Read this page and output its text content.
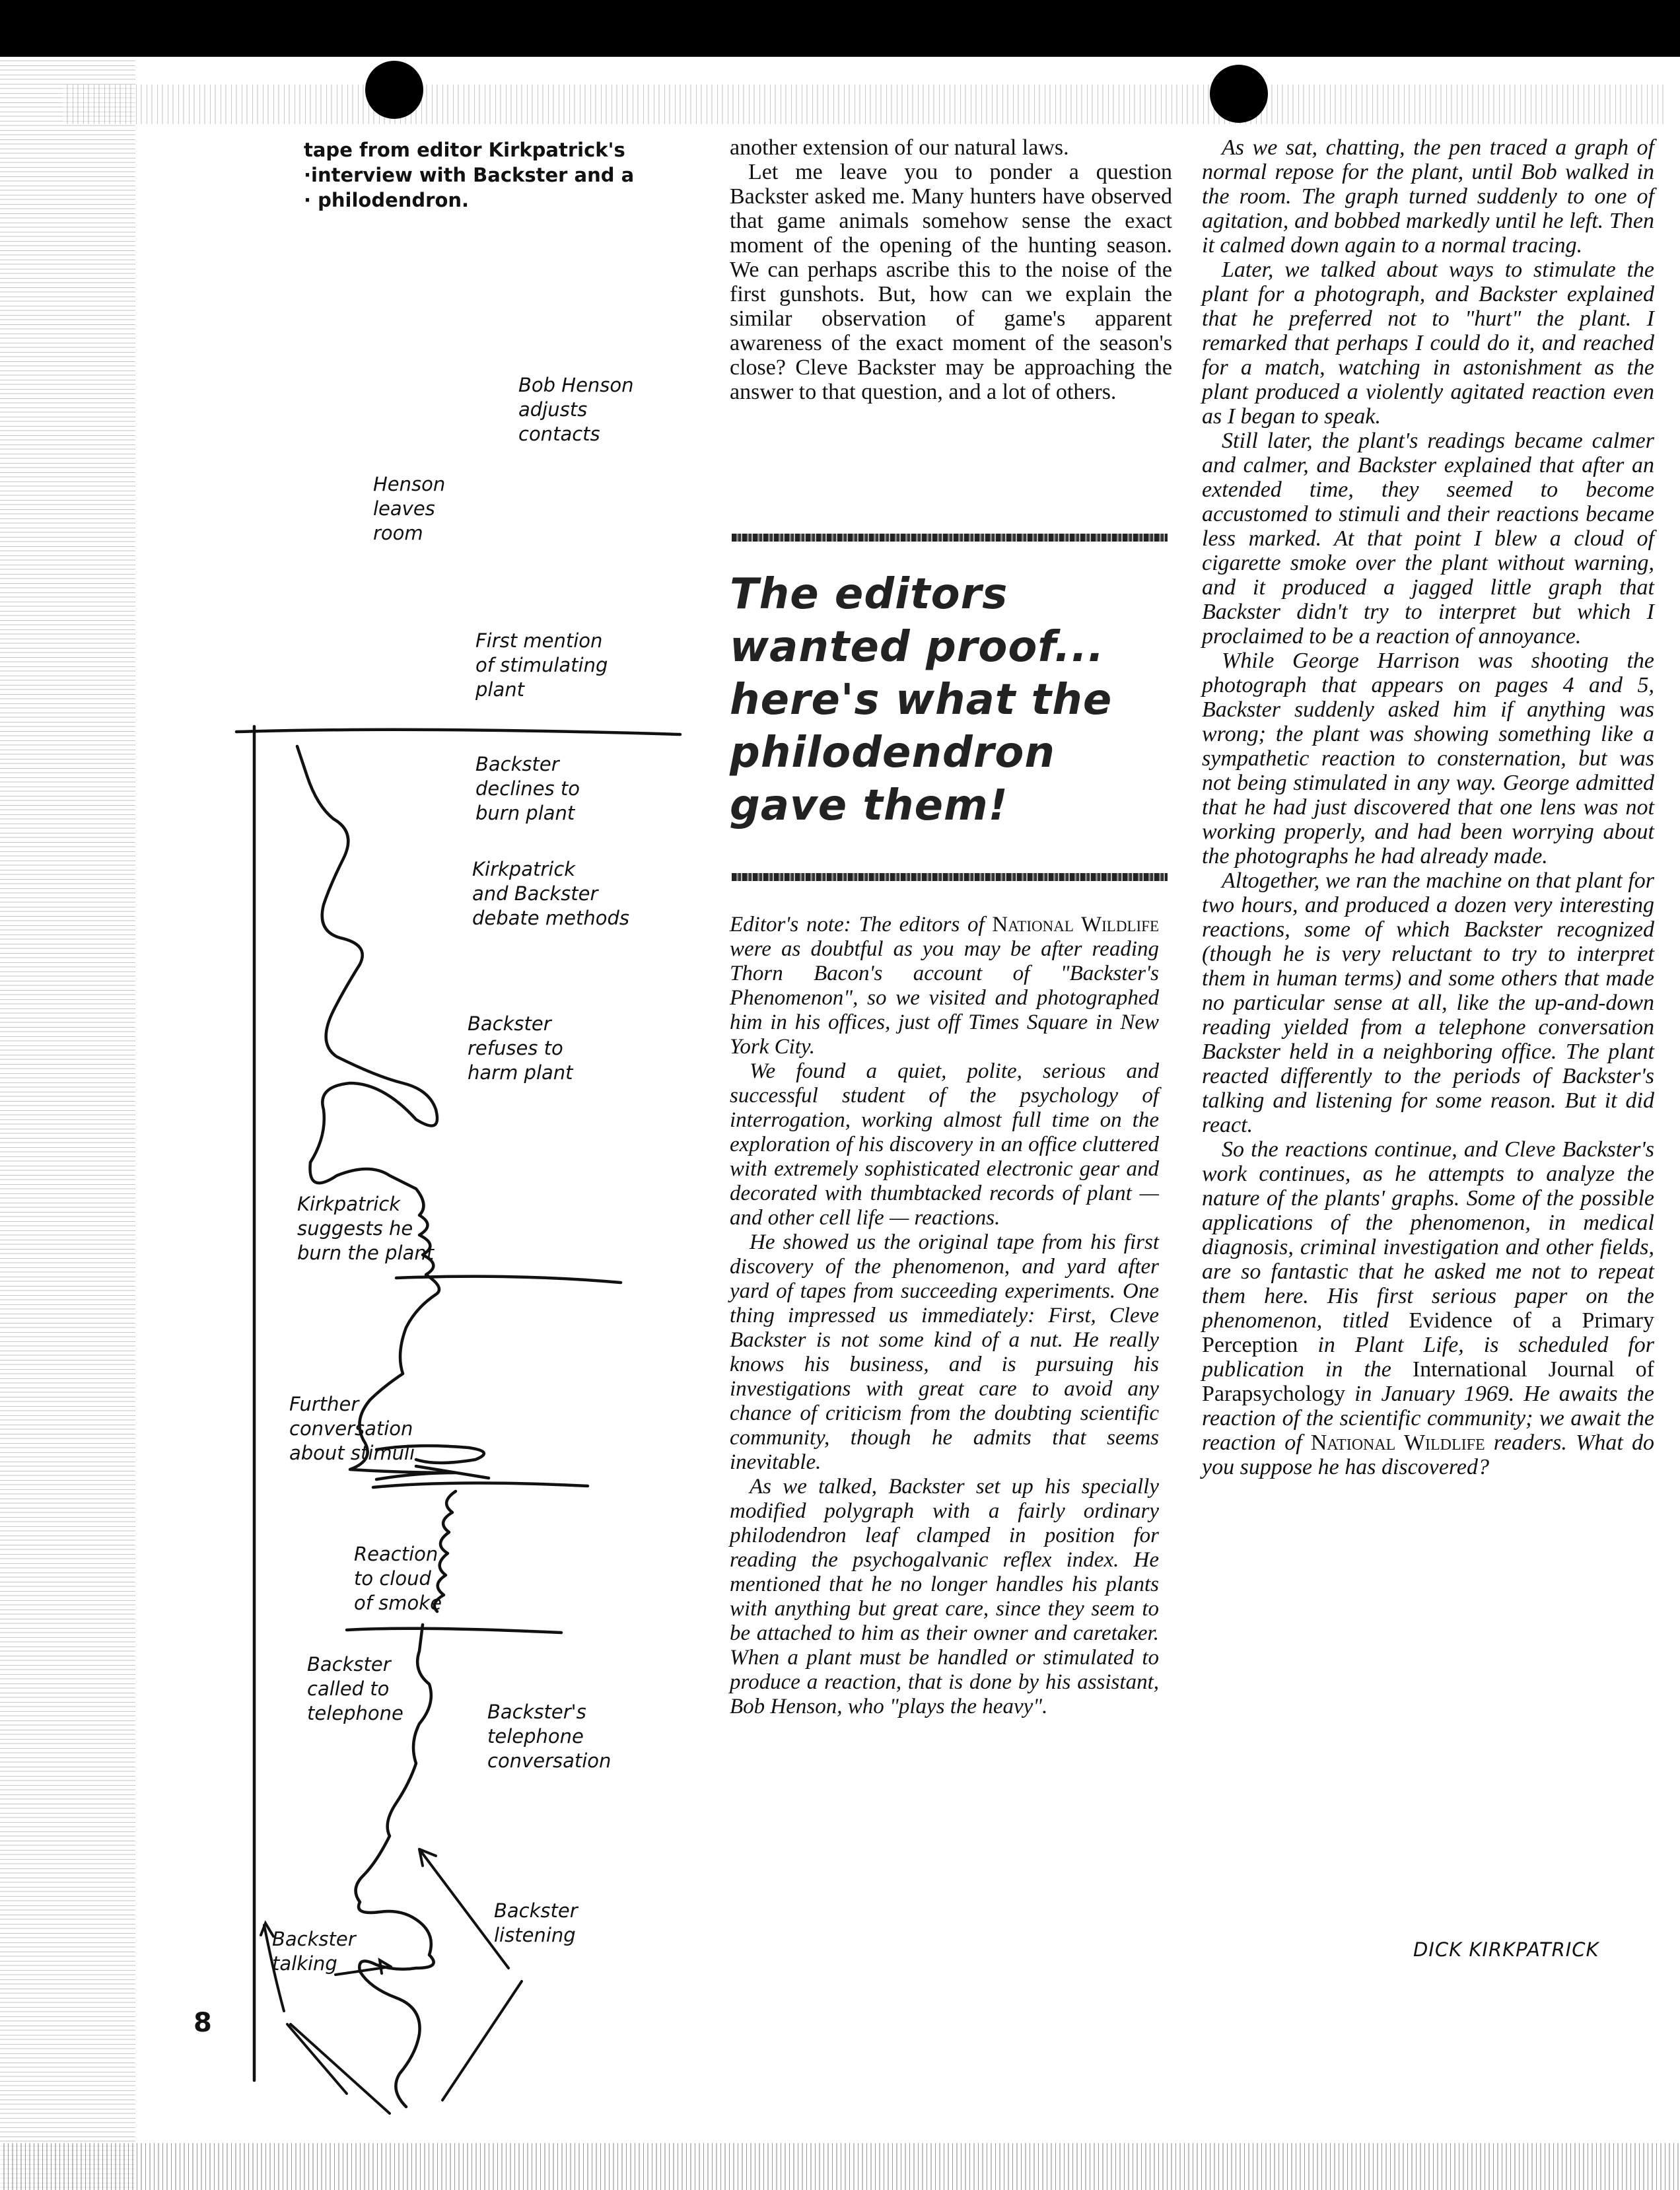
tape from editor Kirkpatrick's
·interview with Backster and a
· philodendron.
Bob Henson
adjusts
contacts
Henson
leaves
room
First mention
of stimulating
plant
Backster
declines to
burn plant
Kirkpatrick
and Backster
debate methods
Backster
refuses to
harm plant
Kirkpatrick
suggests he
burn the plant
Further
conversation
about stimuli
Reaction
to cloud
of smoke
Backster
called to
telephone	Backster's
telephone
conversation
Backster
listening
Backster
talking
8

another extension of our natural laws.

Let me leave you to ponder a question Backster asked me. Many hunters have observed that game animals somehow sense the exact moment of the opening of the hunting season. We can perhaps ascribe this to the noise of the first gunshots. But, how can we explain the similar observation of game's apparent awareness of the exact moment of the season's close? Cleve Backster may be approaching the answer to that question, and a lot of others.

The editors wanted proof... here's what the philodendron gave them!

Editor's note: The editors of National Wildlife were as doubtful as you may be after reading Thorn Bacon's account of "Backster's Phenomenon", so we visited and photographed him in his offices, just off Times Square in New York City.

We found a quiet, polite, serious and successful student of the psychology of interrogation, working almost full time on the exploration of his discovery in an office cluttered with extremely sophisticated electronic gear and decorated with thumbtacked records of plant — and other cell life — reactions.

He showed us the original tape from his first discovery of the phenomenon, and yard after yard of tapes from succeeding experiments. One thing impressed us immediately: First, Cleve Backster is not some kind of a nut. He really knows his business, and is pursuing his investigations with great care to avoid any chance of criticism from the doubting scientific community, though he admits that seems inevitable.

As we talked, Backster set up his specially modified polygraph with a fairly ordinary philodendron leaf clamped in position for reading the psychogalvanic reflex index. He mentioned that he no longer handles his plants with anything but great care, since they seem to be attached to him as their owner and caretaker. When a plant must be handled or stimulated to produce a reaction, that is done by his assistant, Bob Henson, who "plays the heavy".

As we sat, chatting, the pen traced a graph of normal repose for the plant, until Bob walked in the room. The graph turned suddenly to one of agitation, and bobbed markedly until he left. Then it calmed down again to a normal tracing.

Later, we talked about ways to stimulate the plant for a photograph, and Backster explained that he preferred not to "hurt" the plant. I remarked that perhaps I could do it, and reached for a match, watching in astonishment as the plant produced a violently agitated reaction even as I began to speak.

Still later, the plant's readings became calmer and calmer, and Backster explained that after an extended time, they seemed to become accustomed to stimuli and their reactions became less marked. At that point I blew a cloud of cigarette smoke over the plant without warning, and it produced a jagged little graph that Backster didn't try to interpret but which I proclaimed to be a reaction of annoyance.

While George Harrison was shooting the photograph that appears on pages 4 and 5, Backster suddenly asked him if anything was wrong; the plant was showing something like a sympathetic reaction to consternation, but was not being stimulated in any way. George admitted that he had just discovered that one lens was not working properly, and had been worrying about the photographs he had already made.

Altogether, we ran the machine on that plant for two hours, and produced a dozen very interesting reactions, some of which Backster recognized (though he is very reluctant to try to interpret them in human terms) and some others that made no particular sense at all, like the up-and-down reading yielded from a telephone conversation Backster held in a neighboring office. The plant reacted differently to the periods of Backster's talking and listening for some reason. But it did react.

So the reactions continue, and Cleve Backster's work continues, as he attempts to analyze the nature of the plants' graphs. Some of the possible applications of the phenomenon, in medical diagnosis, criminal investigation and other fields, are so fantastic that he asked me not to repeat them here. His first serious paper on the phenomenon, titled Evidence of a Primary Perception in Plant Life, is scheduled for publication in the International Journal of Parapsychology in January 1969. He awaits the reaction of the scientific community; we await the reaction of National Wildlife readers. What do you suppose he has discovered?

DICK KIRKPATRICK
